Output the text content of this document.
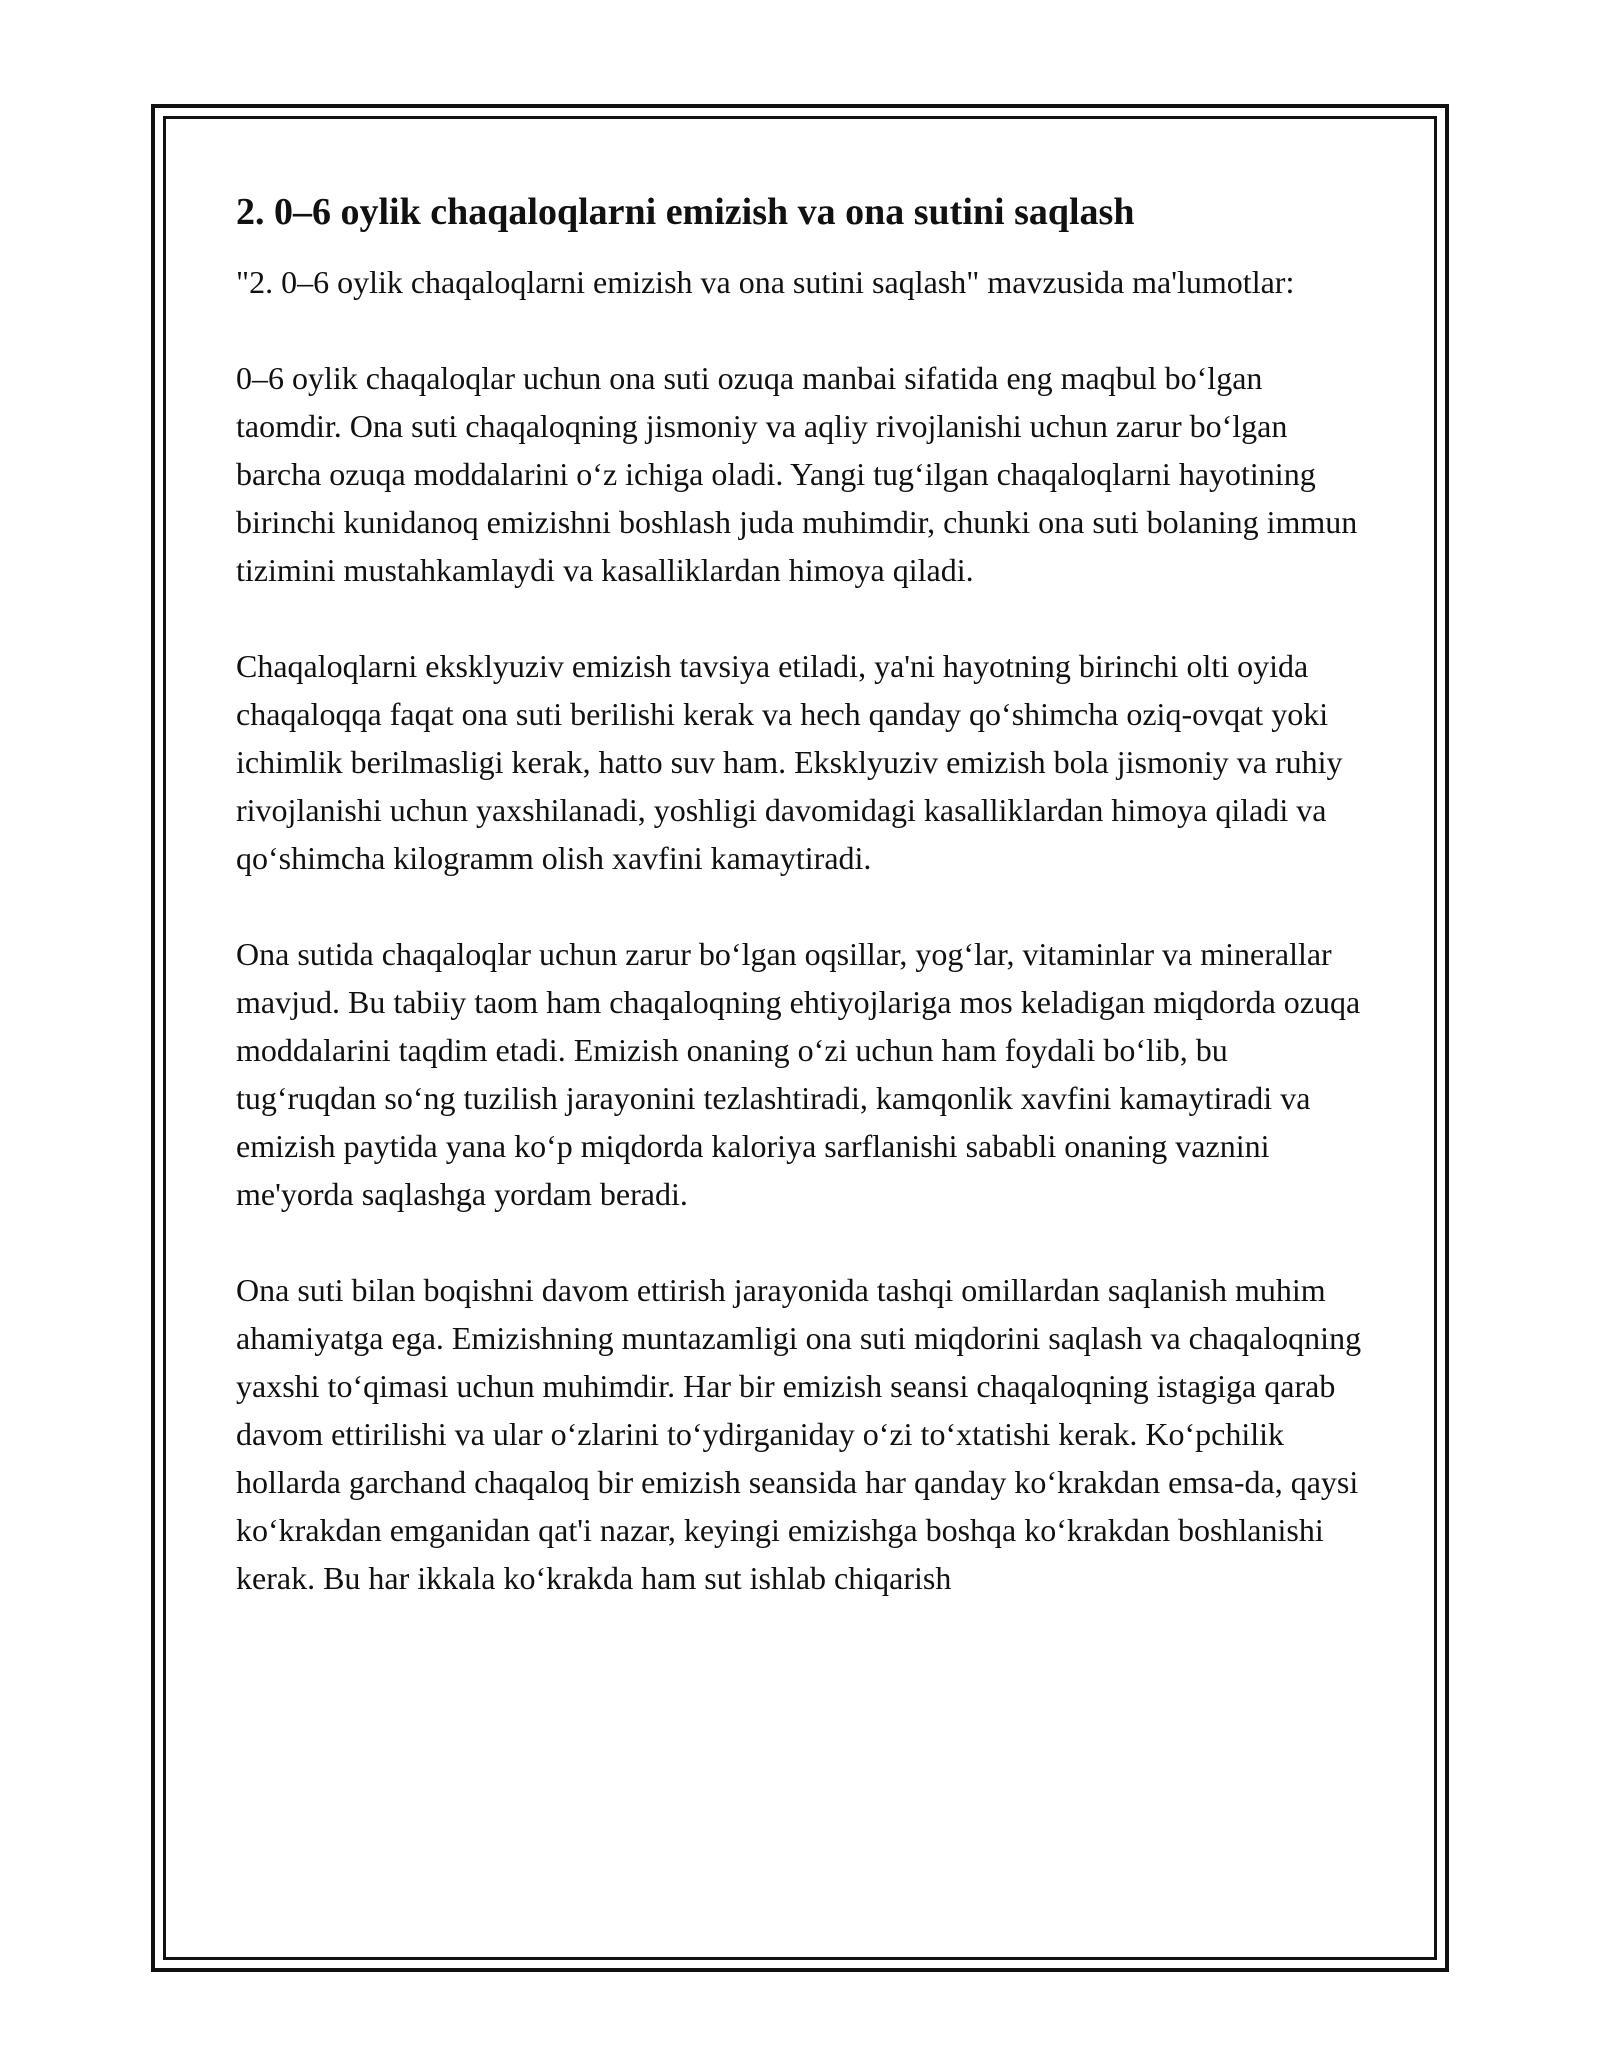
2. 0–6 oylik chaqaloqlarni emizish va ona sutini saqlash

"2. 0–6 oylik chaqaloqlarni emizish va ona sutini saqlash" mavzusida ma'lumotlar:

0–6 oylik chaqaloqlar uchun ona suti ozuqa manbai sifatida eng maqbul bo‘lgan taomdir. Ona suti chaqaloqning jismoniy va aqliy rivojlanishi uchun zarur bo‘lgan barcha ozuqa moddalarini o‘z ichiga oladi. Yangi tug‘ilgan chaqaloqlarni hayotining birinchi kunidanoq emizishni boshlash juda muhimdir, chunki ona suti bolaning immun tizimini mustahkamlaydi va kasalliklardan himoya qiladi.

Chaqaloqlarni eksklyuziv emizish tavsiya etiladi, ya'ni hayotning birinchi olti oyida chaqaloqqa faqat ona suti berilishi kerak va hech qanday qo‘shimcha oziq-ovqat yoki ichimlik berilmasligi kerak, hatto suv ham. Eksklyuziv emizish bola jismoniy va ruhiy rivojlanishi uchun yaxshilanadi, yoshligi davomidagi kasalliklardan himoya qiladi va qo‘shimcha kilogramm olish xavfini kamaytiradi.

Ona sutida chaqaloqlar uchun zarur bo‘lgan oqsillar, yog‘lar, vitaminlar va minerallar mavjud. Bu tabiiy taom ham chaqaloqning ehtiyojlariga mos keladigan miqdorda ozuqa moddalarini taqdim etadi. Emizish onaning o‘zi uchun ham foydali bo‘lib, bu tug‘ruqdan so‘ng tuzilish jarayonini tezlashtiradi, kamqonlik xavfini kamaytiradi va emizish paytida yana ko‘p miqdorda kaloriya sarflanishi sababli onaning vaznini me'yorda saqlashga yordam beradi.

Ona suti bilan boqishni davom ettirish jarayonida tashqi omillardan saqlanish muhim ahamiyatga ega. Emizishning muntazamligi ona suti miqdorini saqlash va chaqaloqning yaxshi to‘qimasi uchun muhimdir. Har bir emizish seansi chaqaloqning istagiga qarab davom ettirilishi va ular o‘zlarini to‘ydirganiday o‘zi to‘xtatishi kerak. Ko‘pchilik hollarda garchand chaqaloq bir emizish seansida har qanday ko‘krakdan emsa-da, qaysi ko‘krakdan emganidan qat'i nazar, keyingi emizishga boshqa ko‘krakdan boshlanishi kerak. Bu har ikkala ko‘krakda ham sut ishlab chiqarish
